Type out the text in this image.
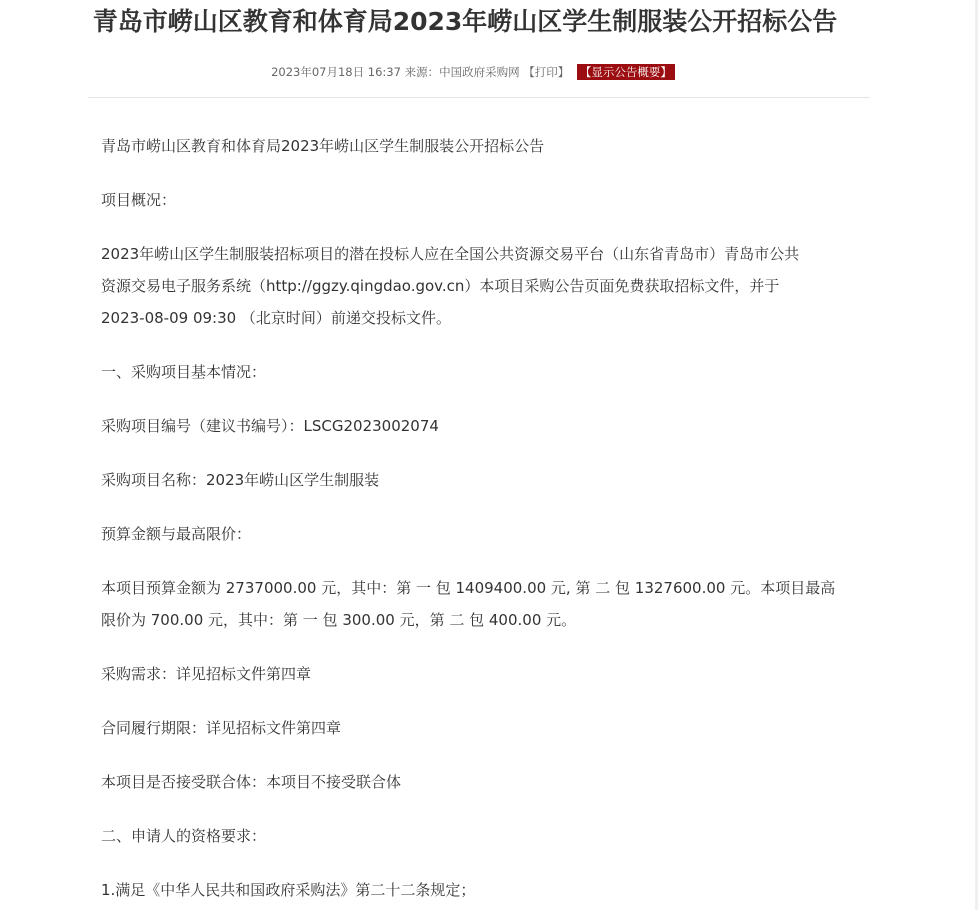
青岛市崂山区教育和体育局2023年崂山区学生制服装公开招标公告
2023年07月18日 16:37 来源：中国政府采购网 【打印】 【显示公告概要】

青岛市崂山区教育和体育局2023年崂山区学生制服装公开招标公告

项目概况：

2023年崂山区学生制服装招标项目的潜在投标人应在全国公共资源交易平台（山东省青岛市）青岛市公共
资源交易电子服务系统（http://ggzy.qingdao.gov.cn）本项目采购公告页面免费获取招标文件，并于
2023-08-09 09:30 （北京时间）前递交投标文件。

一、采购项目基本情况：

采购项目编号（建议书编号）：LSCG2023002074

采购项目名称：2023年崂山区学生制服装

预算金额与最高限价：

本项目预算金额为 2737000.00 元，其中：第 一 包 1409400.00 元, 第 二 包 1327600.00 元。本项目最高
限价为 700.00 元，其中：第 一 包 300.00 元，第 二 包 400.00 元。

采购需求：详见招标文件第四章

合同履行期限：详见招标文件第四章

本项目是否接受联合体：本项目不接受联合体

二、申请人的资格要求：

1.满足《中华人民共和国政府采购法》第二十二条规定；
